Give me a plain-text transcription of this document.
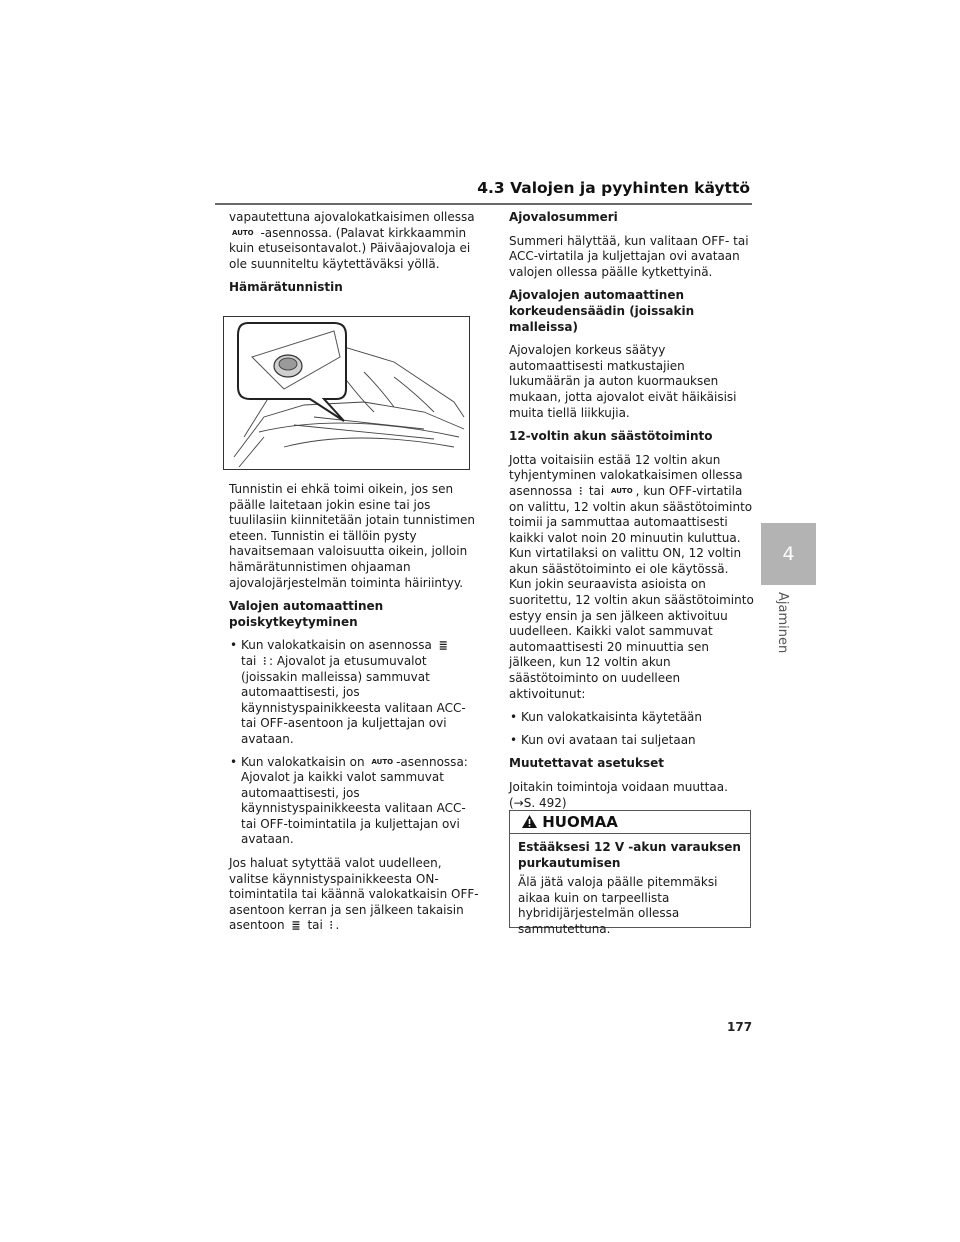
4.3 Valojen ja pyyhinten käyttö
4
Ajaminen

vapautettuna ajovalokatkaisimen ollessa AUTO -asennossa. (Palavat kirkkaammin kuin etuseisontavalot.) Päiväajovaloja ei ole suunniteltu käytettäväksi yöllä.

Hämärätunnistin

Tunnistin ei ehkä toimi oikein, jos sen päälle laitetaan jokin esine tai jos tuulilasiin kiinnitetään jotain tunnistimen eteen. Tunnistin ei tällöin pysty havaitsemaan valoisuutta oikein, jolloin hämärätunnistimen ohjaaman ajovalojärjestelmän toiminta häiriintyy.

Valojen automaattinen poiskytkeytyminen

• Kun valokatkaisin on asennossa ≣
tai ⫶ : Ajovalot ja etusumuvalot (joissakin malleissa) sammuvat automaattisesti, jos käynnistyspainikkeesta valitaan ACC- tai OFF-asentoon ja kuljettajan ovi avataan.
• Kun valokatkaisin on AUTO -asennossa: Ajovalot ja kaikki valot sammuvat automaattisesti, jos käynnistyspainikkeesta valitaan ACC- tai OFF-toimintatila ja kuljettajan ovi avataan.

Jos haluat sytyttää valot uudelleen, valitse käynnistyspainikkeesta ON-toimintatila tai käännä valokatkaisin OFF-asentoon kerran ja sen jälkeen takaisin asentoon ≣ tai ⫶ .

Ajovalosummeri

Summeri hälyttää, kun valitaan OFF- tai ACC-virtatila ja kuljettajan ovi avataan valojen ollessa päälle kytkettyinä.

Ajovalojen automaattinen korkeudensäädin (joissakin malleissa)

Ajovalojen korkeus säätyy automaattisesti matkustajien lukumäärän ja auton kuormauksen mukaan, jotta ajovalot eivät häikäisisi muita tiellä liikkujia.

12-voltin akun säästötoiminto

Jotta voitaisiin estää 12 voltin akun tyhjentyminen valokatkaisimen ollessa asennossa ⫶ tai AUTO , kun OFF-virtatila on valittu, 12 voltin akun säästötoiminto toimii ja sammuttaa automaattisesti kaikki valot noin 20 minuutin kuluttua. Kun virtatilaksi on valittu ON, 12 voltin akun säästötoiminto ei ole käytössä. Kun jokin seuraavista asioista on suoritettu, 12 voltin akun säästötoiminto estyy ensin ja sen jälkeen aktivoituu uudelleen. Kaikki valot sammuvat automaattisesti 20 minuuttia sen jälkeen, kun 12 voltin akun säästötoiminto on uudelleen aktivoitunut:

• Kun valokatkaisinta käytetään
• Kun ovi avataan tai suljetaan

Muutettavat asetukset

Joitakin toimintoja voidaan muuttaa.
(→S. 492)

HUOMAA

Estääksesi 12 V -akun varauksen purkautumisen

Älä jätä valoja päälle pitemmäksi aikaa kuin on tarpeellista hybridijärjestelmän ollessa sammutettuna.

177
